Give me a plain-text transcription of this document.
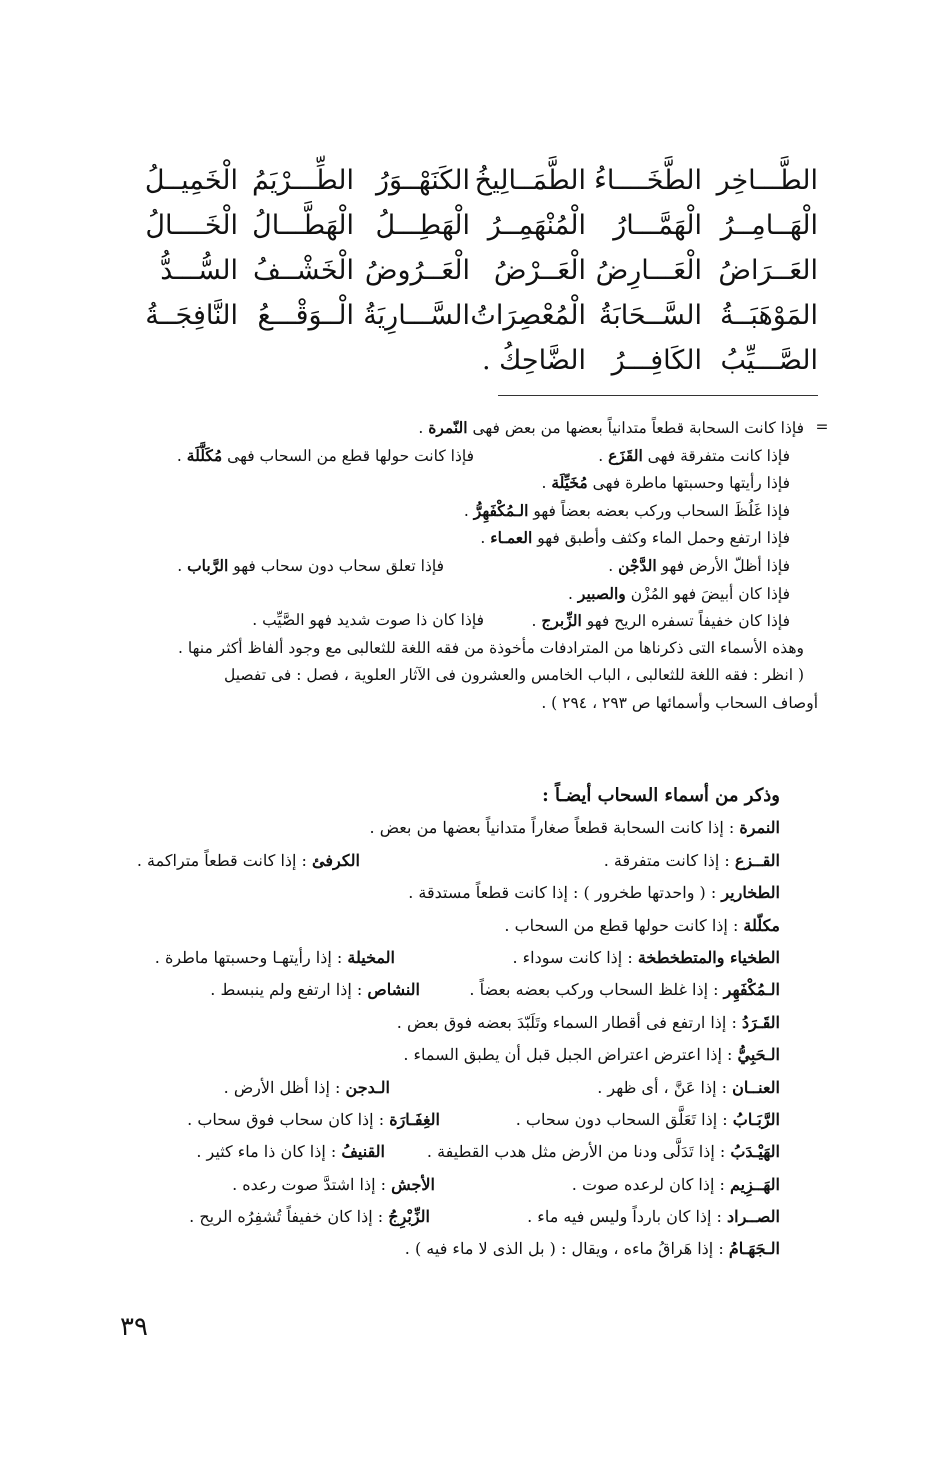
الطَّـــاخِر
الطَّخَــــاءُ
الطَّمَــالِيخُ
الكَنَهْــوَرُ
الطِّـــرْيَمُ
الْخَمِيــلُ
الْهَــامِــرُ
الْهَمَّـــارُ
الْمُنْهَمِــرُ
الْهَطِـــلُ
الْهَطَّـــالُ
الْخَــــالُ
العَــرَاضُ
الْعَـــارِضُ
الْعَــرْضُ
الْعَــرُوضُ
الْخَشْــفُ
السُّـــدُّ
المَوْهَبَــةُ
السَّــحَابَةُ
الْمُعْصِرَاتُ
السَّـــارِيَةُ
الْــوَقْـــعُ
النَّافِجَــةُ
الصَّـــيِّبُ
الكَافِـــرُ
الضَّاحِكُ .
=
فإذا كانت السحابة قطعاً متدانياً بعضها من بعض فهى النّمرة .
فإذا كانت متفرقة فهى القَزَع .
فإذا كانت حولها قطع من السحاب فهى مُكَلَّلَة .
فإذا رأيتها وحسبتها ماطرة فهى مُخَيِّلَة .
فإذا غَلُظَ السحاب وركب بعضه بعضاً فهو الـمُكْفَهِرُّ .
فإذا ارتفع وحمل الماء وكثف وأطبق فهو العمـاء .
فإذا أظلّ الأرض فهو الدَّجْن .
فإذا تعلق سحاب دون سحاب فهو الرَّباب .
فإذا كان أبيضَ فهو المُزْن والصبير .
فإذا كان خفيفاً تسفره الريح فهو الزِّبرج .
فإذا كان ذا صوت شديد فهو الصَّيِّب .
وهذه الأسماء التى ذكرناها من المترادفات مأخوذة من فقه اللغة للثعالبى مع وجود ألفاظ أكثر منها .
( انظر : فقه اللغة للثعالبى ، الباب الخامس والعشرون فى الآثار العلوية ، فصل : فى تفصيل
أوصاف السحاب وأسمائها ص ٢٩٣ ، ٢٩٤ ) .
وذكر من أسماء السحاب أيضـاً :
النمرة : إذا كانت السحابة قطعاً صغاراً متدانياً بعضها من بعض .
القــزع : إذا كانت متفرقة .
الكرفئ : إذا كانت قطعاً متراكمة .
الطخارير : ( واحدتها طخرور ) : إذا كانت قطعاً مستدقة .
مكلّلة : إذا كانت حولها قطع من السحاب .
الطخياء والمتطخطخة : إذا كانت سوداء .
المخيلة : إذا رأيتهـا وحسبتها ماطرة .
الـمُكْفَهِر : إذا غلظ السحاب وركب بعضه بعضاً .
النشاص : إذا ارتفع ولم ينبسط .
القَـرَدُ : إذا ارتفع فى أقطار السماء وتَلَبّدَ بعضه فوق بعض .
الـحَبِيُّ : إذا اعترض اعتراض الجبل قبل أن يطبق السماء .
العنــان : إذا عَنَّ ، أى ظهر .
الـدجن : إذا أظل الأرض .
الرَّبَـابُ : إذا تَعَلَّق السحاب دون سحاب .
الغِفَـارَة : إذا كان سحاب فوق سحاب .
الهَيْـدَبُ : إذا تَدَلَّى ودنا من الأرض مثل هدب القطيفة .
القنيفُ : إذا كان ذا ماء كثير .
الهَــزِيم : إذا كان لرعده صوت .
الأجش : إذا اشتدَّ صوت رعده .
الصــراد : إذا كان بارداً وليس فيه ماء .
الزِّبْرِجُ : إذا كان خفيفاً تُشفِرُه الريح .
الـجَهَـامُ : إذا هَراقُ ماءه ، ويقال : ( بل الذى لا ماء فيه ) .
٣٩
